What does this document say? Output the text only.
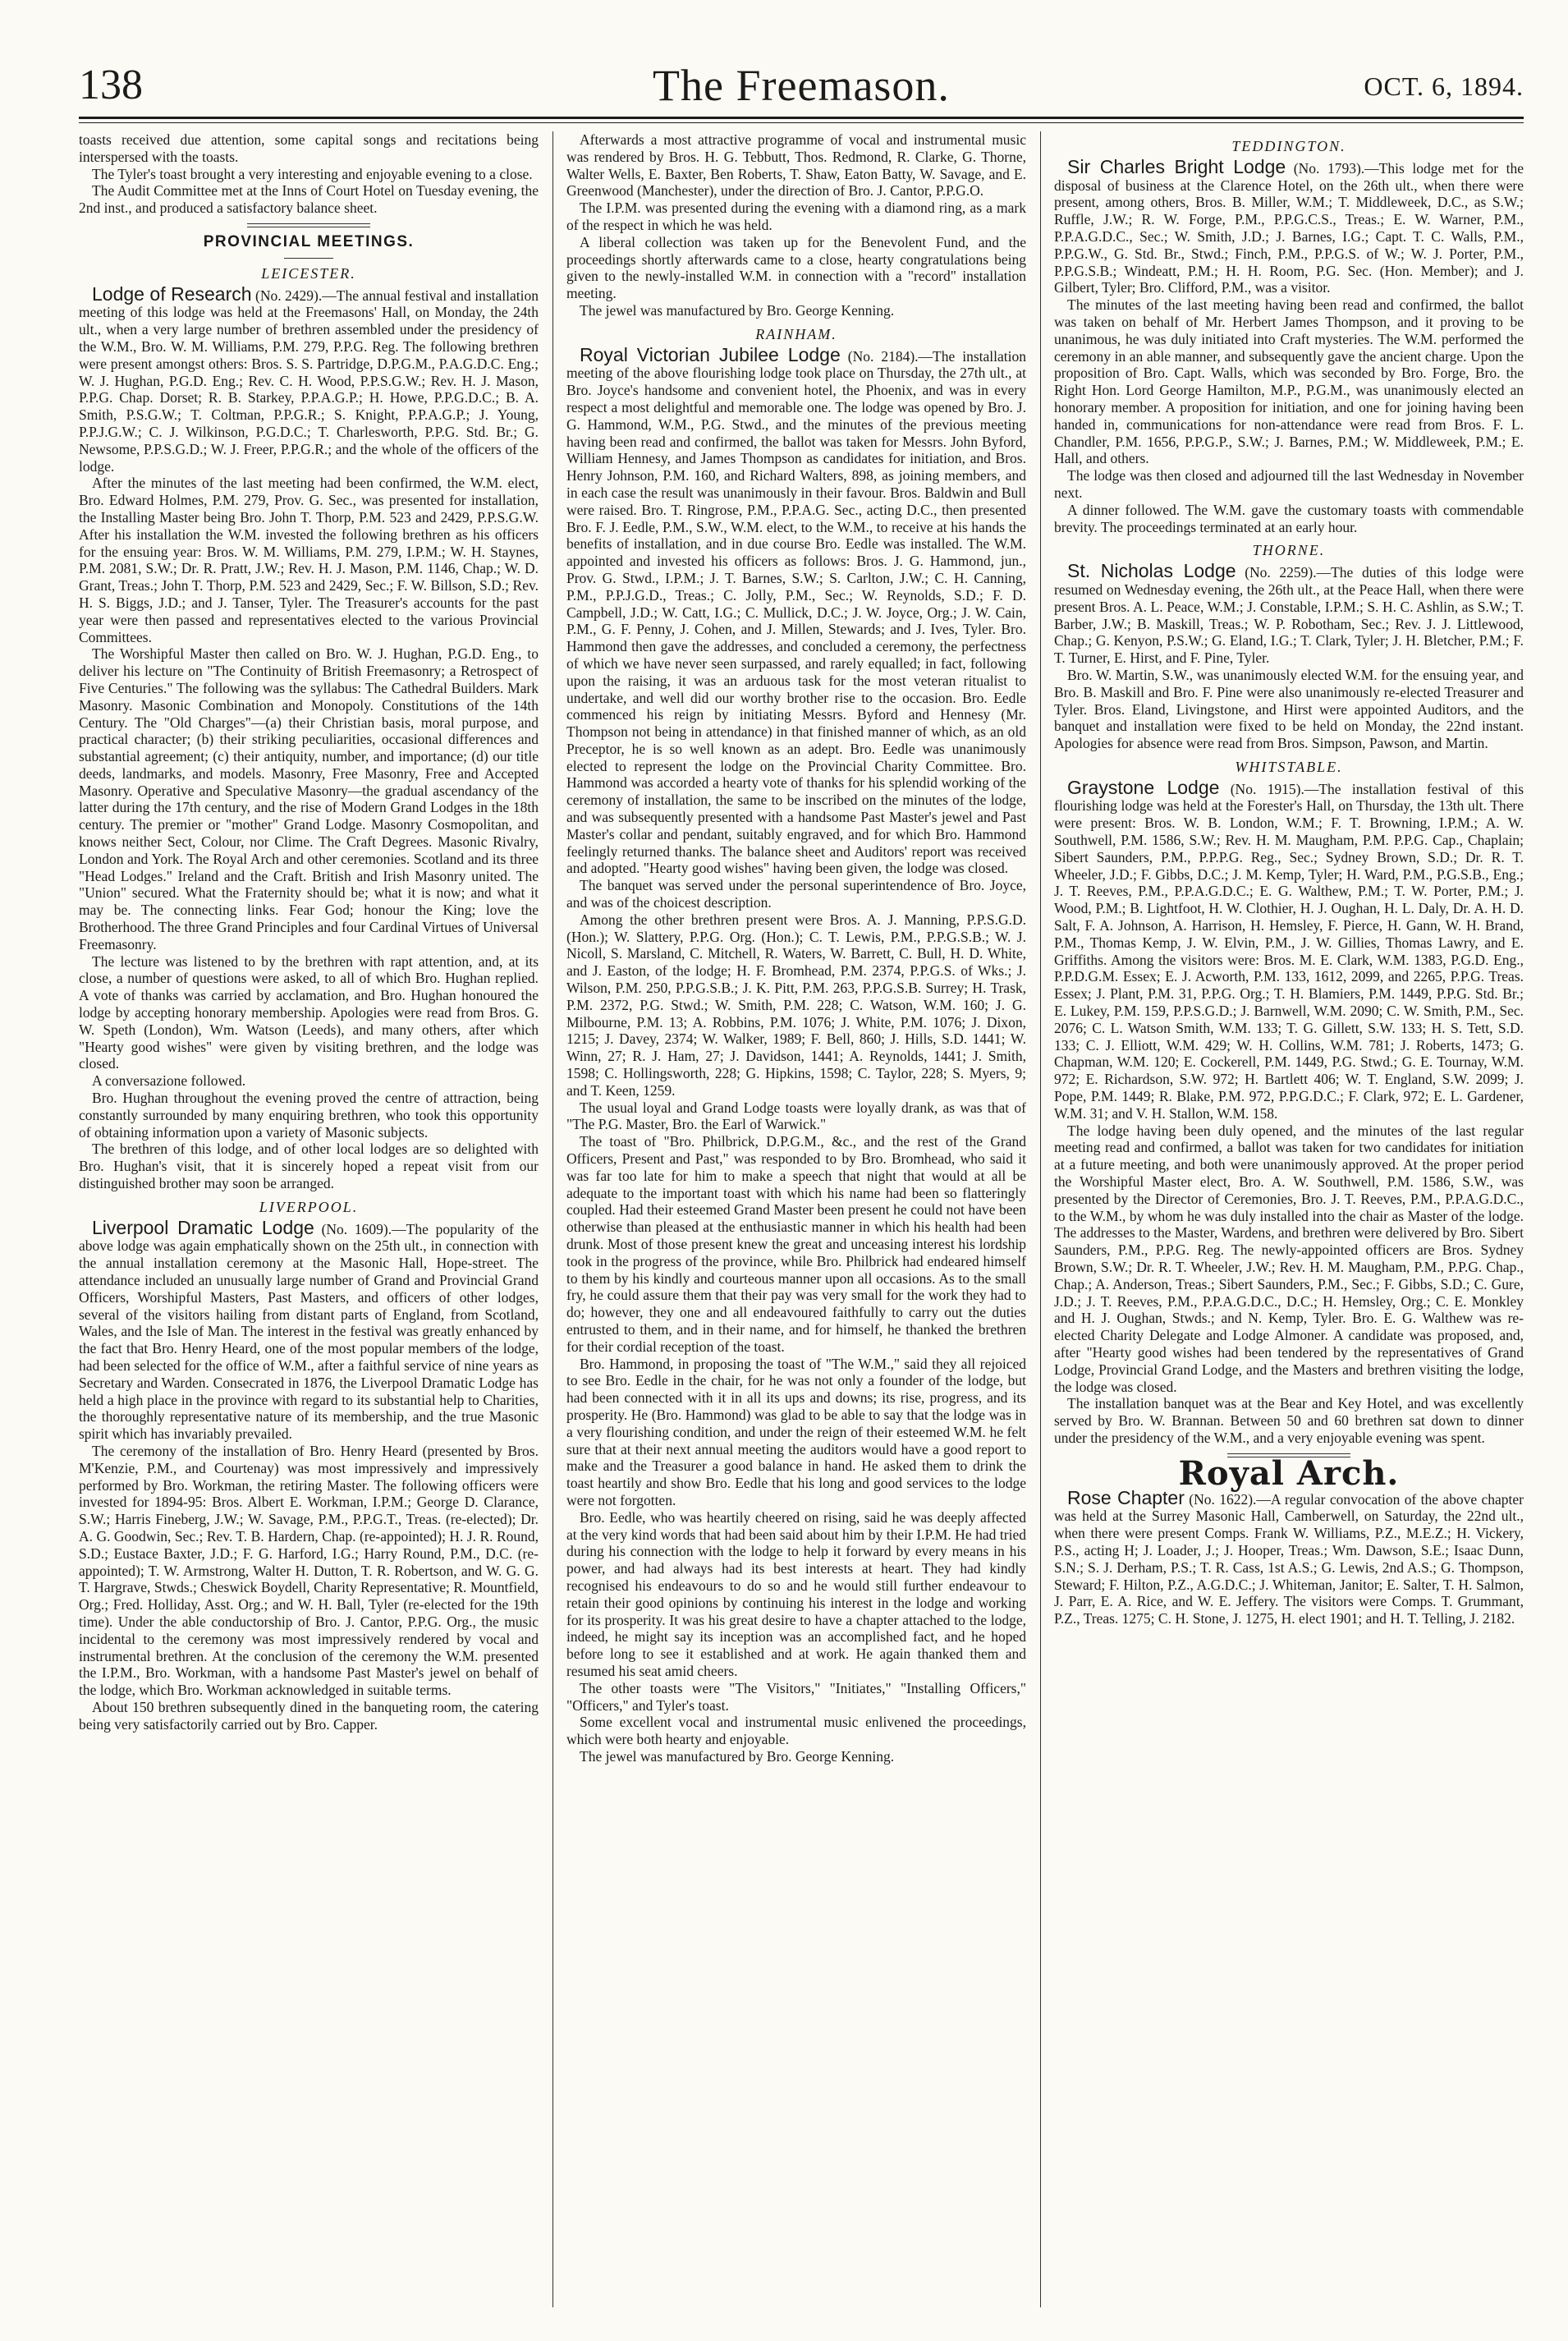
138	The Freemason.	OCT. 6, 1894.

toasts received due attention, some capital songs and recitations being interspersed with the toasts.

The Tyler's toast brought a very interesting and enjoyable evening to a close.

The Audit Committee met at the Inns of Court Hotel on Tuesday evening, the 2nd inst., and produced a satisfactory balance sheet.

PROVINCIAL MEETINGS.
LEICESTER.

Lodge of Research (No. 2429).—The annual festival and installation meeting of this lodge was held at the Freemasons' Hall, on Monday, the 24th ult., when a very large number of brethren assembled under the presidency of the W.M., Bro. W. M. Williams, P.M. 279, P.P.G. Reg. The following brethren were present amongst others: Bros. S. S. Partridge, D.P.G.M., P.A.G.D.C. Eng.; W. J. Hughan, P.G.D. Eng.; Rev. C. H. Wood, P.P.S.G.W.; Rev. H. J. Mason, P.P.G. Chap. Dorset; R. B. Starkey, P.P.A.G.P.; H. Howe, P.P.G.D.C.; B. A. Smith, P.S.G.W.; T. Coltman, P.P.G.R.; S. Knight, P.P.A.G.P.; J. Young, P.P.J.G.W.; C. J. Wilkinson, P.G.D.C.; T. Charlesworth, P.P.G. Std. Br.; G. Newsome, P.P.S.G.D.; W. J. Freer, P.P.G.R.; and the whole of the officers of the lodge.

After the minutes of the last meeting had been confirmed, the W.M. elect, Bro. Edward Holmes, P.M. 279, Prov. G. Sec., was presented for installation, the Installing Master being Bro. John T. Thorp, P.M. 523 and 2429, P.P.S.G.W. After his installation the W.M. invested the following brethren as his officers for the ensuing year: Bros. W. M. Williams, P.M. 279, I.P.M.; W. H. Staynes, P.M. 2081, S.W.; Dr. R. Pratt, J.W.; Rev. H. J. Mason, P.M. 1146, Chap.; W. D. Grant, Treas.; John T. Thorp, P.M. 523 and 2429, Sec.; F. W. Billson, S.D.; Rev. H. S. Biggs, J.D.; and J. Tanser, Tyler. The Treasurer's accounts for the past year were then passed and representatives elected to the various Provincial Committees.

The Worshipful Master then called on Bro. W. J. Hughan, P.G.D. Eng., to deliver his lecture on "The Continuity of British Freemasonry; a Retrospect of Five Centuries." The following was the syllabus: The Cathedral Builders. Mark Masonry. Masonic Combination and Monopoly. Constitutions of the 14th Century. The "Old Charges"—(a) their Christian basis, moral purpose, and practical character; (b) their striking peculiarities, occasional differences and substantial agreement; (c) their antiquity, number, and importance; (d) our title deeds, landmarks, and models. Masonry, Free Masonry, Free and Accepted Masonry. Operative and Speculative Masonry—the gradual ascendancy of the latter during the 17th century, and the rise of Modern Grand Lodges in the 18th century. The premier or "mother" Grand Lodge. Masonry Cosmopolitan, and knows neither Sect, Colour, nor Clime. The Craft Degrees. Masonic Rivalry, London and York. The Royal Arch and other ceremonies. Scotland and its three "Head Lodges." Ireland and the Craft. British and Irish Masonry united. The "Union" secured. What the Fraternity should be; what it is now; and what it may be. The connecting links. Fear God; honour the King; love the Brotherhood. The three Grand Principles and four Cardinal Virtues of Universal Freemasonry.

The lecture was listened to by the brethren with rapt attention, and, at its close, a number of questions were asked, to all of which Bro. Hughan replied. A vote of thanks was carried by acclamation, and Bro. Hughan honoured the lodge by accepting honorary membership. Apologies were read from Bros. G. W. Speth (London), Wm. Watson (Leeds), and many others, after which "Hearty good wishes" were given by visiting brethren, and the lodge was closed.

A conversazione followed.

Bro. Hughan throughout the evening proved the centre of attraction, being constantly surrounded by many enquiring brethren, who took this opportunity of obtaining information upon a variety of Masonic subjects.

The brethren of this lodge, and of other local lodges are so delighted with Bro. Hughan's visit, that it is sincerely hoped a repeat visit from our distinguished brother may soon be arranged.

LIVERPOOL.

Liverpool Dramatic Lodge (No. 1609).—The popularity of the above lodge was again emphatically shown on the 25th ult., in connection with the annual installation ceremony at the Masonic Hall, Hope-street. The attendance included an unusually large number of Grand and Provincial Grand Officers, Worshipful Masters, Past Masters, and officers of other lodges, several of the visitors hailing from distant parts of England, from Scotland, Wales, and the Isle of Man. The interest in the festival was greatly enhanced by the fact that Bro. Henry Heard, one of the most popular members of the lodge, had been selected for the office of W.M., after a faithful service of nine years as Secretary and Warden. Consecrated in 1876, the Liverpool Dramatic Lodge has held a high place in the province with regard to its substantial help to Charities, the thoroughly representative nature of its membership, and the true Masonic spirit which has invariably prevailed.

The ceremony of the installation of Bro. Henry Heard (presented by Bros. M'Kenzie, P.M., and Courtenay) was most impressively and impressively performed by Bro. Workman, the retiring Master. The following officers were invested for 1894-95: Bros. Albert E. Workman, I.P.M.; George D. Clarance, S.W.; Harris Fineberg, J.W.; W. Savage, P.M., P.P.G.T., Treas. (re-elected); Dr. A. G. Goodwin, Sec.; Rev. T. B. Hardern, Chap. (re-appointed); H. J. R. Round, S.D.; Eustace Baxter, J.D.; F. G. Harford, I.G.; Harry Round, P.M., D.C. (re-appointed); T. W. Armstrong, Walter H. Dutton, T. R. Robertson, and W. G. G. T. Hargrave, Stwds.; Cheswick Boydell, Charity Representative; R. Mountfield, Org.; Fred. Holliday, Asst. Org.; and W. H. Ball, Tyler (re-elected for the 19th time). Under the able conductorship of Bro. J. Cantor, P.P.G. Org., the music incidental to the ceremony was most impressively rendered by vocal and instrumental brethren. At the conclusion of the ceremony the W.M. presented the I.P.M., Bro. Workman, with a handsome Past Master's jewel on behalf of the lodge, which Bro. Workman acknowledged in suitable terms.

About 150 brethren subsequently dined in the banqueting room, the catering being very satisfactorily carried out by Bro. Capper.

Afterwards a most attractive programme of vocal and instrumental music was rendered by Bros. H. G. Tebbutt, Thos. Redmond, R. Clarke, G. Thorne, Walter Wells, E. Baxter, Ben Roberts, T. Shaw, Eaton Batty, W. Savage, and E. Greenwood (Manchester), under the direction of Bro. J. Cantor, P.P.G.O.

The I.P.M. was presented during the evening with a diamond ring, as a mark of the respect in which he was held.

A liberal collection was taken up for the Benevolent Fund, and the proceedings shortly afterwards came to a close, hearty congratulations being given to the newly-installed W.M. in connection with a "record" installation meeting.

The jewel was manufactured by Bro. George Kenning.

RAINHAM.

Royal Victorian Jubilee Lodge (No. 2184).—The installation meeting of the above flourishing lodge took place on Thursday, the 27th ult., at Bro. Joyce's handsome and convenient hotel, the Phoenix, and was in every respect a most delightful and memorable one. The lodge was opened by Bro. J. G. Hammond, W.M., P.G. Stwd., and the minutes of the previous meeting having been read and confirmed, the ballot was taken for Messrs. John Byford, William Hennesy, and James Thompson as candidates for initiation, and Bros. Henry Johnson, P.M. 160, and Richard Walters, 898, as joining members, and in each case the result was unanimously in their favour. Bros. Baldwin and Bull were raised. Bro. T. Ringrose, P.M., P.P.A.G. Sec., acting D.C., then presented Bro. F. J. Eedle, P.M., S.W., W.M. elect, to the W.M., to receive at his hands the benefits of installation, and in due course Bro. Eedle was installed. The W.M. appointed and invested his officers as follows: Bros. J. G. Hammond, jun., Prov. G. Stwd., I.P.M.; J. T. Barnes, S.W.; S. Carlton, J.W.; C. H. Canning, P.M., P.P.J.G.D., Treas.; C. Jolly, P.M., Sec.; W. Reynolds, S.D.; F. D. Campbell, J.D.; W. Catt, I.G.; C. Mullick, D.C.; J. W. Joyce, Org.; J. W. Cain, P.M., G. F. Penny, J. Cohen, and J. Millen, Stewards; and J. Ives, Tyler. Bro. Hammond then gave the addresses, and concluded a ceremony, the perfectness of which we have never seen surpassed, and rarely equalled; in fact, following upon the raising, it was an arduous task for the most veteran ritualist to undertake, and well did our worthy brother rise to the occasion. Bro. Eedle commenced his reign by initiating Messrs. Byford and Hennesy (Mr. Thompson not being in attendance) in that finished manner of which, as an old Preceptor, he is so well known as an adept. Bro. Eedle was unanimously elected to represent the lodge on the Provincial Charity Committee. Bro. Hammond was accorded a hearty vote of thanks for his splendid working of the ceremony of installation, the same to be inscribed on the minutes of the lodge, and was subsequently presented with a handsome Past Master's jewel and Past Master's collar and pendant, suitably engraved, and for which Bro. Hammond feelingly returned thanks. The balance sheet and Auditors' report was received and adopted. "Hearty good wishes" having been given, the lodge was closed.

The banquet was served under the personal superintendence of Bro. Joyce, and was of the choicest description.

Among the other brethren present were Bros. A. J. Manning, P.P.S.G.D. (Hon.); W. Slattery, P.P.G. Org. (Hon.); C. T. Lewis, P.M., P.P.G.S.B.; W. J. Nicoll, S. Marsland, C. Mitchell, R. Waters, W. Barrett, C. Bull, H. D. White, and J. Easton, of the lodge; H. F. Bromhead, P.M. 2374, P.P.G.S. of Wks.; J. Wilson, P.M. 250, P.P.G.S.B.; J. K. Pitt, P.M. 263, P.P.G.S.B. Surrey; H. Trask, P.M. 2372, P.G. Stwd.; W. Smith, P.M. 228; C. Watson, W.M. 160; J. G. Milbourne, P.M. 13; A. Robbins, P.M. 1076; J. White, P.M. 1076; J. Dixon, 1215; J. Davey, 2374; W. Walker, 1989; F. Bell, 860; J. Hills, S.D. 1441; W. Winn, 27; R. J. Ham, 27; J. Davidson, 1441; A. Reynolds, 1441; J. Smith, 1598; C. Hollingsworth, 228; G. Hipkins, 1598; C. Taylor, 228; S. Myers, 9; and T. Keen, 1259.

The usual loyal and Grand Lodge toasts were loyally drank, as was that of "The P.G. Master, Bro. the Earl of Warwick."

The toast of "Bro. Philbrick, D.P.G.M., &c., and the rest of the Grand Officers, Present and Past," was responded to by Bro. Bromhead, who said it was far too late for him to make a speech that night that would at all be adequate to the important toast with which his name had been so flatteringly coupled. Had their esteemed Grand Master been present he could not have been otherwise than pleased at the enthusiastic manner in which his health had been drunk. Most of those present knew the great and unceasing interest his lordship took in the progress of the province, while Bro. Philbrick had endeared himself to them by his kindly and courteous manner upon all occasions. As to the small fry, he could assure them that their pay was very small for the work they had to do; however, they one and all endeavoured faithfully to carry out the duties entrusted to them, and in their name, and for himself, he thanked the brethren for their cordial reception of the toast.

Bro. Hammond, in proposing the toast of "The W.M.," said they all rejoiced to see Bro. Eedle in the chair, for he was not only a founder of the lodge, but had been connected with it in all its ups and downs; its rise, progress, and its prosperity. He (Bro. Hammond) was glad to be able to say that the lodge was in a very flourishing condition, and under the reign of their esteemed W.M. he felt sure that at their next annual meeting the auditors would have a good report to make and the Treasurer a good balance in hand. He asked them to drink the toast heartily and show Bro. Eedle that his long and good services to the lodge were not forgotten.

Bro. Eedle, who was heartily cheered on rising, said he was deeply affected at the very kind words that had been said about him by their I.P.M. He had tried during his connection with the lodge to help it forward by every means in his power, and had always had its best interests at heart. They had kindly recognised his endeavours to do so and he would still further endeavour to retain their good opinions by continuing his interest in the lodge and working for its prosperity. It was his great desire to have a chapter attached to the lodge, indeed, he might say its inception was an accomplished fact, and he hoped before long to see it established and at work. He again thanked them and resumed his seat amid cheers.

The other toasts were "The Visitors," "Initiates," "Installing Officers," "Officers," and Tyler's toast.

Some excellent vocal and instrumental music enlivened the proceedings, which were both hearty and enjoyable.

The jewel was manufactured by Bro. George Kenning.

TEDDINGTON.

Sir Charles Bright Lodge (No. 1793).—This lodge met for the disposal of business at the Clarence Hotel, on the 26th ult., when there were present, among others, Bros. B. Miller, W.M.; T. Middleweek, D.C., as S.W.; Ruffle, J.W.; R. W. Forge, P.M., P.P.G.C.S., Treas.; E. W. Warner, P.M., P.P.A.G.D.C., Sec.; W. Smith, J.D.; J. Barnes, I.G.; Capt. T. C. Walls, P.M., P.P.G.W., G. Std. Br., Stwd.; Finch, P.M., P.P.G.S. of W.; W. J. Porter, P.M., P.P.G.S.B.; Windeatt, P.M.; H. H. Room, P.G. Sec. (Hon. Member); and J. Gilbert, Tyler; Bro. Clifford, P.M., was a visitor.

The minutes of the last meeting having been read and confirmed, the ballot was taken on behalf of Mr. Herbert James Thompson, and it proving to be unanimous, he was duly initiated into Craft mysteries. The W.M. performed the ceremony in an able manner, and subsequently gave the ancient charge. Upon the proposition of Bro. Capt. Walls, which was seconded by Bro. Forge, Bro. the Right Hon. Lord George Hamilton, M.P., P.G.M., was unanimously elected an honorary member. A proposition for initiation, and one for joining having been handed in, communications for non-attendance were read from Bros. F. L. Chandler, P.M. 1656, P.P.G.P., S.W.; J. Barnes, P.M.; W. Middleweek, P.M.; E. Hall, and others.

The lodge was then closed and adjourned till the last Wednesday in November next.

A dinner followed. The W.M. gave the customary toasts with commendable brevity. The proceedings terminated at an early hour.

THORNE.

St. Nicholas Lodge (No. 2259).—The duties of this lodge were resumed on Wednesday evening, the 26th ult., at the Peace Hall, when there were present Bros. A. L. Peace, W.M.; J. Constable, I.P.M.; S. H. C. Ashlin, as S.W.; T. Barber, J.W.; B. Maskill, Treas.; W. P. Robotham, Sec.; Rev. J. J. Littlewood, Chap.; G. Kenyon, P.S.W.; G. Eland, I.G.; T. Clark, Tyler; J. H. Bletcher, P.M.; F. T. Turner, E. Hirst, and F. Pine, Tyler.

Bro. W. Martin, S.W., was unanimously elected W.M. for the ensuing year, and Bro. B. Maskill and Bro. F. Pine were also unanimously re-elected Treasurer and Tyler. Bros. Eland, Livingstone, and Hirst were appointed Auditors, and the banquet and installation were fixed to be held on Monday, the 22nd instant. Apologies for absence were read from Bros. Simpson, Pawson, and Martin.

WHITSTABLE.

Graystone Lodge (No. 1915).—The installation festival of this flourishing lodge was held at the Forester's Hall, on Thursday, the 13th ult. There were present: Bros. W. B. London, W.M.; F. T. Browning, I.P.M.; A. W. Southwell, P.M. 1586, S.W.; Rev. H. M. Maugham, P.M. P.P.G. Cap., Chaplain; Sibert Saunders, P.M., P.P.P.G. Reg., Sec.; Sydney Brown, S.D.; Dr. R. T. Wheeler, J.D.; F. Gibbs, D.C.; J. M. Kemp, Tyler; H. Ward, P.M., P.G.S.B., Eng.; J. T. Reeves, P.M., P.P.A.G.D.C.; E. G. Walthew, P.M.; T. W. Porter, P.M.; J. Wood, P.M.; B. Lightfoot, H. W. Clothier, H. J. Oughan, H. L. Daly, Dr. A. H. D. Salt, F. A. Johnson, A. Harrison, H. Hemsley, F. Pierce, H. Gann, W. H. Brand, P.M., Thomas Kemp, J. W. Elvin, P.M., J. W. Gillies, Thomas Lawry, and E. Griffiths. Among the visitors were: Bros. M. E. Clark, W.M. 1383, P.G.D. Eng., P.P.D.G.M. Essex; E. J. Acworth, P.M. 133, 1612, 2099, and 2265, P.P.G. Treas. Essex; J. Plant, P.M. 31, P.P.G. Org.; T. H. Blamiers, P.M. 1449, P.P.G. Std. Br.; E. Lukey, P.M. 159, P.P.S.G.D.; J. Barnwell, W.M. 2090; C. W. Smith, P.M., Sec. 2076; C. L. Watson Smith, W.M. 133; T. G. Gillett, S.W. 133; H. S. Tett, S.D. 133; C. J. Elliott, W.M. 429; W. H. Collins, W.M. 781; J. Roberts, 1473; G. Chapman, W.M. 120; E. Cockerell, P.M. 1449, P.G. Stwd.; G. E. Tournay, W.M. 972; E. Richardson, S.W. 972; H. Bartlett 406; W. T. England, S.W. 2099; J. Pope, P.M. 1449; R. Blake, P.M. 972, P.P.G.D.C.; F. Clark, 972; E. L. Gardener, W.M. 31; and V. H. Stallon, W.M. 158.

The lodge having been duly opened, and the minutes of the last regular meeting read and confirmed, a ballot was taken for two candidates for initiation at a future meeting, and both were unanimously approved. At the proper period the Worshipful Master elect, Bro. A. W. Southwell, P.M. 1586, S.W., was presented by the Director of Ceremonies, Bro. J. T. Reeves, P.M., P.P.A.G.D.C., to the W.M., by whom he was duly installed into the chair as Master of the lodge. The addresses to the Master, Wardens, and brethren were delivered by Bro. Sibert Saunders, P.M., P.P.G. Reg. The newly-appointed officers are Bros. Sydney Brown, S.W.; Dr. R. T. Wheeler, J.W.; Rev. H. M. Maugham, P.M., P.P.G. Chap., Chap.; A. Anderson, Treas.; Sibert Saunders, P.M., Sec.; F. Gibbs, S.D.; C. Gure, J.D.; J. T. Reeves, P.M., P.P.A.G.D.C., D.C.; H. Hemsley, Org.; C. E. Monkley and H. J. Oughan, Stwds.; and N. Kemp, Tyler. Bro. E. G. Walthew was re-elected Charity Delegate and Lodge Almoner. A candidate was proposed, and, after "Hearty good wishes had been tendered by the representatives of Grand Lodge, Provincial Grand Lodge, and the Masters and brethren visiting the lodge, the lodge was closed.

The installation banquet was at the Bear and Key Hotel, and was excellently served by Bro. W. Brannan. Between 50 and 60 brethren sat down to dinner under the presidency of the W.M., and a very enjoyable evening was spent.

Royal Arch.

Rose Chapter (No. 1622).—A regular convocation of the above chapter was held at the Surrey Masonic Hall, Camberwell, on Saturday, the 22nd ult., when there were present Comps. Frank W. Williams, P.Z., M.E.Z.; H. Vickery, P.S., acting H; J. Loader, J.; J. Hooper, Treas.; Wm. Dawson, S.E.; Isaac Dunn, S.N.; S. J. Derham, P.S.; T. R. Cass, 1st A.S.; G. Lewis, 2nd A.S.; G. Thompson, Steward; F. Hilton, P.Z., A.G.D.C.; J. Whiteman, Janitor; E. Salter, T. H. Salmon, J. Parr, E. A. Rice, and W. E. Jeffery. The visitors were Comps. T. Grummant, P.Z., Treas. 1275; C. H. Stone, J. 1275, H. elect 1901; and H. T. Telling, J. 2182.
